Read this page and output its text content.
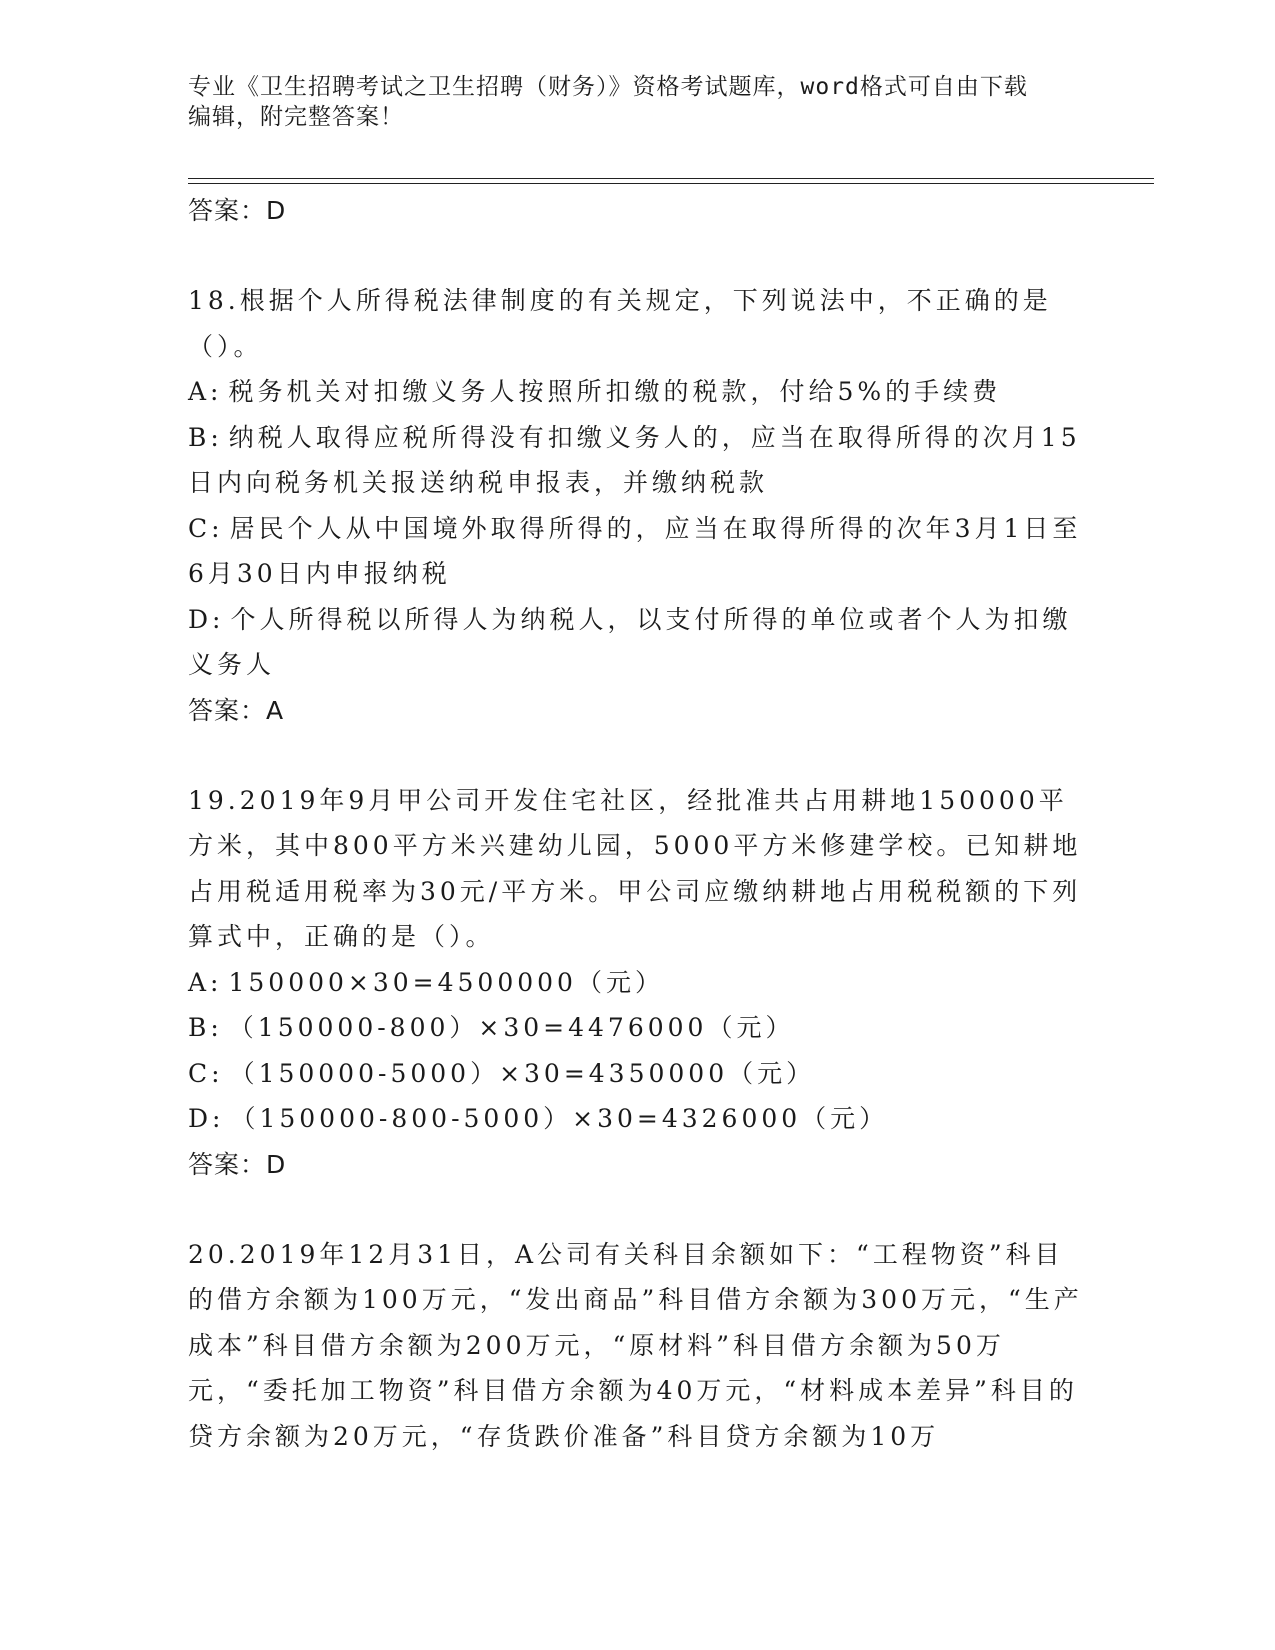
专业《卫生招聘考试之卫生招聘（财务）》资格考试题库，word格式可自由下载
编辑，附完整答案！
答案：D

18.根据个人所得税法律制度的有关规定，下列说法中，不正确的是（）。

A: 税务机关对扣缴义务人按照所扣缴的税款，付给5%的手续费

B: 纳税人取得应税所得没有扣缴义务人的，应当在取得所得的次月15日内向税务机关报送纳税申报表，并缴纳税款

C: 居民个人从中国境外取得所得的，应当在取得所得的次年3月1日至6月30日内申报纳税

D: 个人所得税以所得人为纳税人，以支付所得的单位或者个人为扣缴义务人

答案：A

19.2019年9月甲公司开发住宅社区，经批准共占用耕地150000平方米，其中800平方米兴建幼儿园，5000平方米修建学校。已知耕地占用税适用税率为30元/平方米。甲公司应缴纳耕地占用税税额的下列算式中，正确的是（）。

A: 150000×30=4500000（元）

B: （150000-800）×30=4476000（元）

C: （150000-5000）×30=4350000（元）

D: （150000-800-5000）×30=4326000（元）

答案：D

20.2019年12月31日，A公司有关科目余额如下：“工程物资”科目的借方余额为100万元，“发出商品”科目借方余额为300万元，“生产成本”科目借方余额为200万元，“原材料”科目借方余额为50万元，“委托加工物资”科目借方余额为40万元，“材料成本差异”科目的贷方余额为20万元，“存货跌价准备”科目贷方余额为10万
